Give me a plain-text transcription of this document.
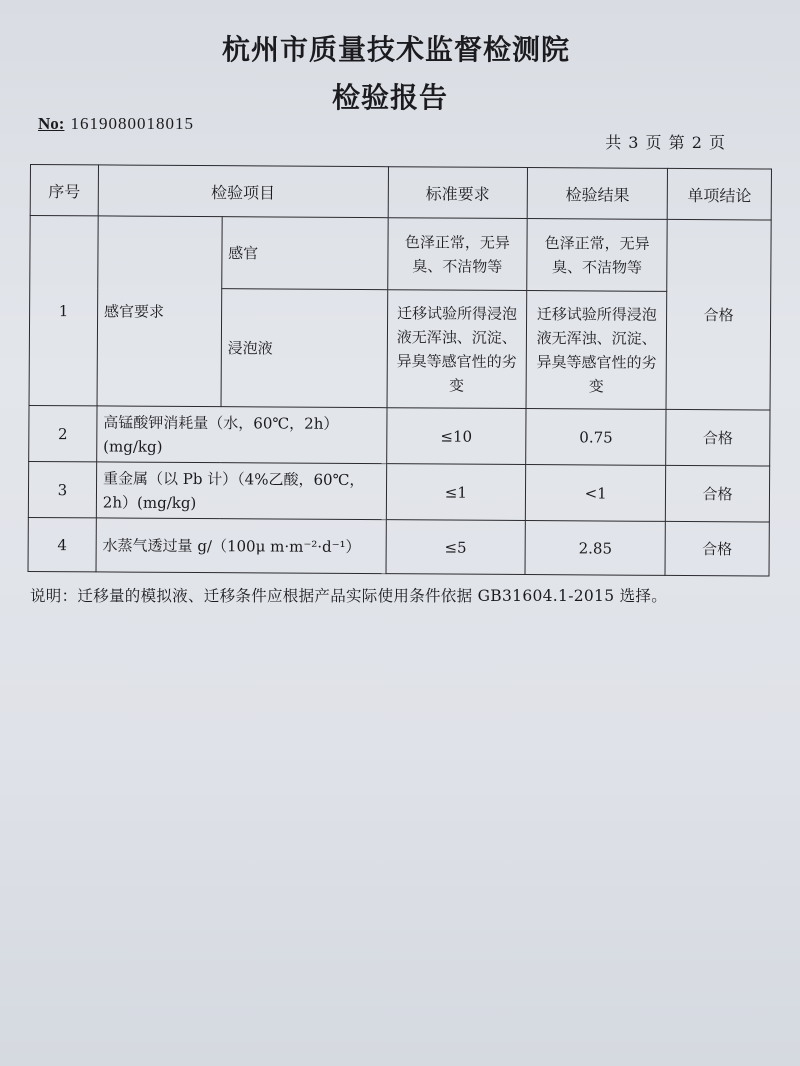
杭州市质量技术监督检测院
检验报告
No: 1619080018015
共 3 页 第 2 页
序号	检验项目		标准要求	检验结果	单项结论
1	感官要求	感官	色泽正常，无异臭、不洁物等	色泽正常，无异臭、不洁物等	合格
		浸泡液	迁移试验所得浸泡液无浑浊、沉淀、异臭等感官性的劣变	迁移试验所得浸泡液无浑浊、沉淀、异臭等感官性的劣变	
2	高锰酸钾消耗量（水，60℃，2h）(mg/kg)		≤10	0.75	合格
3	重金属（以 Pb 计）（4%乙酸，60℃，2h）(mg/kg)		≤1	<1	合格
4	水蒸气透过量 g/（100μ m·m⁻²·d⁻¹）		≤5	2.85	合格
说明：迁移量的模拟液、迁移条件应根据产品实际使用条件依据 GB31604.1-2015 选择。
